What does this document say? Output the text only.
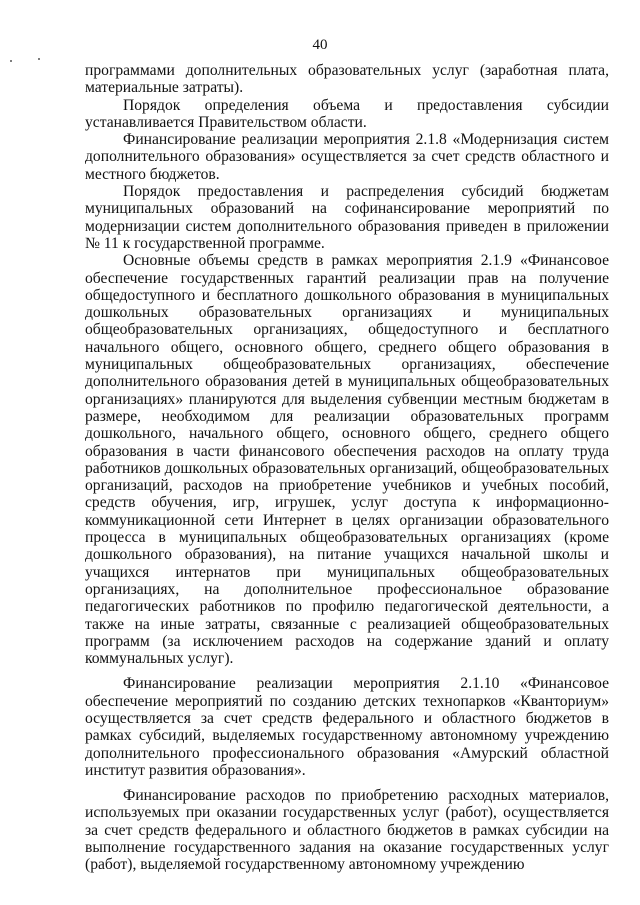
40

программами дополнительных образовательных услуг (заработная плата, материальные затраты).

Порядок определения объема и предоставления субсидии устанавливается Правительством области.

Финансирование реализации мероприятия 2.1.8 «Модернизация систем дополнительного образования» осуществляется за счет средств областного и местного бюджетов.

Порядок предоставления и распределения субсидий бюджетам муниципальных образований на софинансирование мероприятий по модернизации систем дополнительного образования приведен в приложении № 11 к государственной программе.

Основные объемы средств в рамках мероприятия 2.1.9 «Финансовое обеспечение государственных гарантий реализации прав на получение общедоступного и бесплатного дошкольного образования в муниципальных дошкольных образовательных организациях и муниципальных общеобразовательных организациях, общедоступного и бесплатного начального общего, основного общего, среднего общего образования в муниципальных общеобразовательных организациях, обеспечение дополнительного образования детей в муниципальных общеобразовательных организациях» планируются для выделения субвенции местным бюджетам в размере, необходимом для реализации образовательных программ дошкольного, начального общего, основного общего, среднего общего образования в части финансового обеспечения расходов на оплату труда работников дошкольных образовательных организаций, общеобразовательных организаций, расходов на приобретение учебников и учебных пособий, средств обучения, игр, игрушек, услуг доступа к информационно-коммуникационной сети Интернет в целях организации образовательного процесса в муниципальных общеобразовательных организациях (кроме дошкольного образования), на питание учащихся начальной школы и учащихся интернатов при муниципальных общеобразовательных организациях, на дополнительное профессиональное образование педагогических работников по профилю педагогической деятельности, а также на иные затраты, связанные с реализацией общеобразовательных программ (за исключением расходов на содержание зданий и оплату коммунальных услуг).

Финансирование реализации мероприятия 2.1.10 «Финансовое обеспечение мероприятий по созданию детских технопарков «Кванториум» осуществляется за счет средств федерального и областного бюджетов в рамках субсидий, выделяемых государственному автономному учреждению дополнительного профессионального образования «Амурский областной институт развития образования».

Финансирование расходов по приобретению расходных материалов, используемых при оказании государственных услуг (работ), осуществляется за счет средств федерального и областного бюджетов в рамках субсидии на выполнение государственного задания на оказание государственных услуг (работ), выделяемой государственному автономному учреждению
